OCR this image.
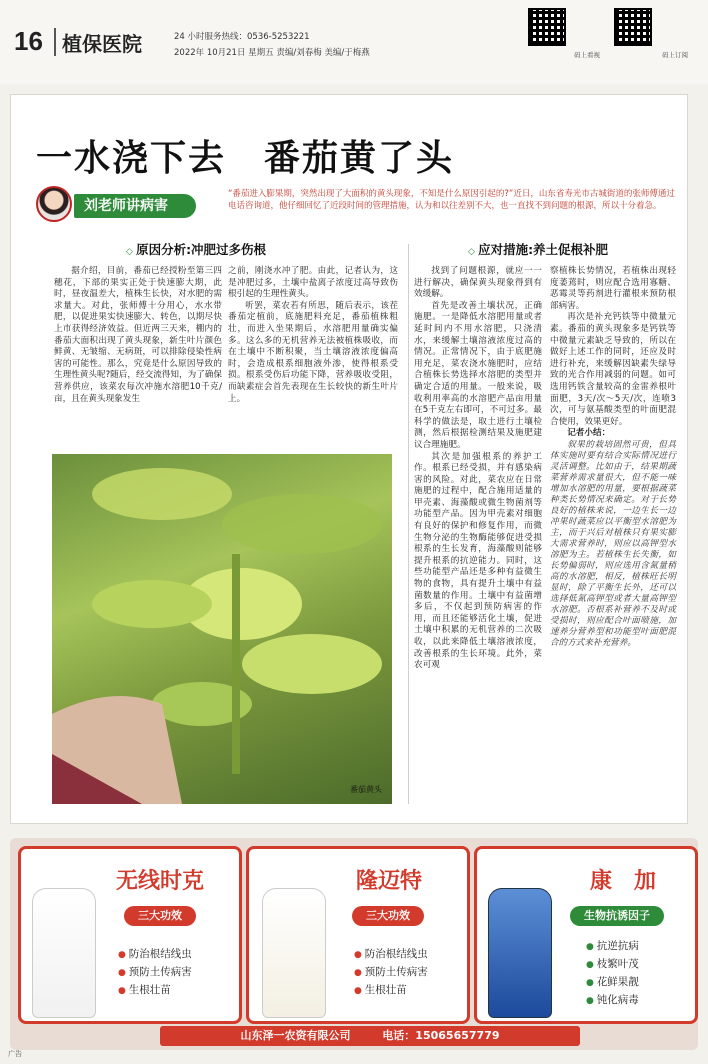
16 植保医院	24 小时服务热线：0536-5253221
2022年 10月21日 星期五 责编/刘春梅 美编/于梅燕	码上看视	码上订阅
一水浇下去　番茄黄了头
刘老师讲病害
“番茄进入膨果期，突然出现了大面积的黄头现象，不知是什么原因引起的?”近日，山东省寿光市古城街道的张师傅通过电话咨询道，他仔细回忆了近段时间的管理措施，认为和以往差别不大，也一直找不到问题的根源，所以十分着急。
◇ 原因分析:冲肥过多伤根
◇	应对措施:养土促根补肥

据介绍，目前，番茄已经授粉至第三四穗花，下部的果实正处于快速膨大期，此时，昼夜温差大，植株生长快，对水肥的需求量大。对此，张师傅十分用心，水水带肥，以促进果实快速膨大、转色，以期尽快上市获得经济效益。但近两三天来，棚内的番茄大面积出现了黄头现象，新生叶片颜色鲜黄、无皱缩、无病斑，可以排除侵染性病害的可能性。那么，究竟是什么原因导致的生理性黄头呢?随后，经交流得知，为了确保营养供应，该菜农每次冲施水溶肥10千克/亩，且在黄头现象发生

之前，刚浇水冲了肥。由此，记者认为，这是冲肥过多，土壤中盐离子浓度过高导致伤根引起的生理性黄头。

听罢，菜农若有所思，随后表示，该茬番茄定植前，底施肥料充足，番茄植株粗壮，而进入坐果期后，水溶肥用量确实偏多。这么多的无机营养无法被植株吸收，而在土壤中不断积聚，当土壤溶液浓度偏高时，会造成根系细胞液外渗，使得根系受损。根系受伤后功能下降，营养吸收受阻，而缺素症会首先表现在生长较快的新生叶片上。

找到了问题根源，就应一一进行解决，确保黄头现象得到有效缓解。

首先是改善土壤状况，正确施肥。一是降低水溶肥用量或者延时间内不用水溶肥，只浇清水，来缓解土壤溶液浓度过高的情况。正常情况下，由于底肥施用充足，菜农浇水施肥时，应结合植株长势选择水溶肥的类型并确定合适的用量。一般来说，吸收利用率高的水溶肥产品亩用量在5千克左右即可，不可过多。最科学的做法是，取土进行土壤检测，然后根据检测结果及施肥建议合理施肥。

其次是加强根系的养护工作。根系已经受损，并有感染病害的风险。对此，菜农应在日常施肥的过程中，配合施用适量的甲壳素、海藻酸或微生物菌剂等功能型产品。因为甲壳素对细胞有良好的保护和修复作用，而微生物分泌的生物酶能够促进受损根系的生长发育，海藻酸则能够提升根系的抗逆能力。同时，这些功能型产品还是多种有益微生物的食物，具有提升土壤中有益菌数量的作用。土壤中有益菌增多后，不仅起到预防病害的作用，而且还能够活化土壤，促进土壤中积累的无机营养的二次吸收，以此来降低土壤溶液浓度，改善根系的生长环境。此外，菜农可观

察植株长势情况，若植株出现轻度萎蔫时，则应配合选用寡糖、恶霉灵等药剂进行灌根来预防根部病害。

再次是补充钙铁等中微量元素。番茄的黄头现象多是钙铁等中微量元素缺乏导致的，所以在做好上述工作的同时，还应及时进行补充，来缓解因缺素失绿导致的光合作用减弱的问题。如可选用钙铁含量较高的金雷养根叶面肥，3天/次～5天/次，连喷3次，可与氨基酸类型的叶面肥混合使用，效果更好。

记者小结：

叙果的栽培固然可贵，但具体实施时要有结合实际情况进行灵活调整。比如由于，结果期蔬菜营养需求量很大，但不能一味增加水溶肥的用量，要根据蔬菜种类长势情况来确定。对于长势良好的植株来说，一边生长一边冲果时蔬菜应以平衡型水溶肥为主，而于兴后对植株只有果实膨大需求营养时，则应以高钾型水溶肥为主。若植株生长失衡，如长势偏弱时，则应选用含氮量稍高的水溶肥，相反，植株旺长明显时，除了平衡生长外，还可以选择低氮高钾型或者大量高钾型水溶肥。否根系补营养不及时或受损时，则应配合叶面喷施，加速养分营养型和功能型叶面肥混合的方式来补充营养。

番茄黄头
无线时克
三大功效
● 防治根结线虫
● 预防土传病害
● 生根壮苗
隆迈特
三大功效
● 防治根结线虫
● 预防土传病害
● 生根壮苗
康　加
生物抗诱因子
● 抗逆抗病
● 枝繁叶茂
● 花鲜果靓
● 钝化病毒
山东泽一农资有限公司	电话：15065657779
广告
